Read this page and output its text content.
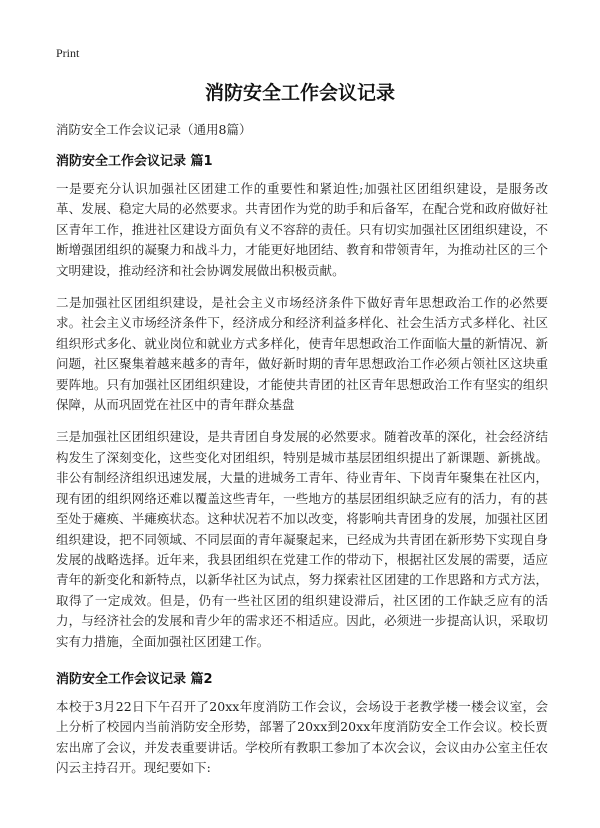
Print
消防安全工作会议记录
消防安全工作会议记录（通用8篇）
消防安全工作会议记录 篇1

一是要充分认识加强社区团建工作的重要性和紧迫性;加强社区团组织建设，是服务改革、发展、稳定大局的必然要求。共青团作为党的助手和后备军，在配合党和政府做好社区青年工作，推进社区建设方面负有义不容辞的责任。只有切实加强社区团组织建设，不断增强团组织的凝聚力和战斗力，才能更好地团结、教育和带领青年，为推动社区的三个文明建设，推动经济和社会协调发展做出积极贡献。

二是加强社区团组织建设，是社会主义市场经济条件下做好青年思想政治工作的必然要求。社会主义市场经济条件下，经济成分和经济利益多样化、社会生活方式多样化、社区组织形式多化、就业岗位和就业方式多样化，使青年思想政治工作面临大量的新情况、新问题，社区聚集着越来越多的青年，做好新时期的青年思想政治工作必须占领社区这块重要阵地。只有加强社区团组织建设，才能使共青团的社区青年思想政治工作有坚实的组织保障，从而巩固党在社区中的青年群众基盘

三是加强社区团组织建设，是共青团自身发展的必然要求。随着改革的深化，社会经济结构发生了深刻变化，这些变化对团组织，特别是城市基层团组织提出了新课题、新挑战。非公有制经济组织迅速发展，大量的进城务工青年、待业青年、下岗青年聚集在社区内，现有团的组织网络还难以覆盖这些青年，一些地方的基层团组织缺乏应有的活力，有的甚至处于瘫痪、半瘫痪状态。这种状况若不加以改变，将影响共青团身的发展，加强社区团组织建设，把不同领域、不同层面的青年凝聚起来，已经成为共青团在新形势下实现自身发展的战略选择。近年来，我县团组织在党建工作的带动下，根据社区发展的需要，适应青年的新变化和新特点，以新华社区为试点，努力探索社区团建的工作思路和方式方法，取得了一定成效。但是，仍有一些社区团的组织建设滞后，社区团的工作缺乏应有的活力，与经济社会的发展和青少年的需求还不相适应。因此，必须进一步提高认识，采取切实有力措施，全面加强社区团建工作。

消防安全工作会议记录 篇2

本校于3月22日下午召开了20xx年度消防工作会议，会场设于老教学楼一楼会议室，会上分析了校园内当前消防安全形势，部署了20xx到20xx年度消防安全工作会议。校长贾宏出席了会议，并发表重要讲话。学校所有教职工参加了本次会议，会议由办公室主任农闪云主持召开。现纪要如下:
